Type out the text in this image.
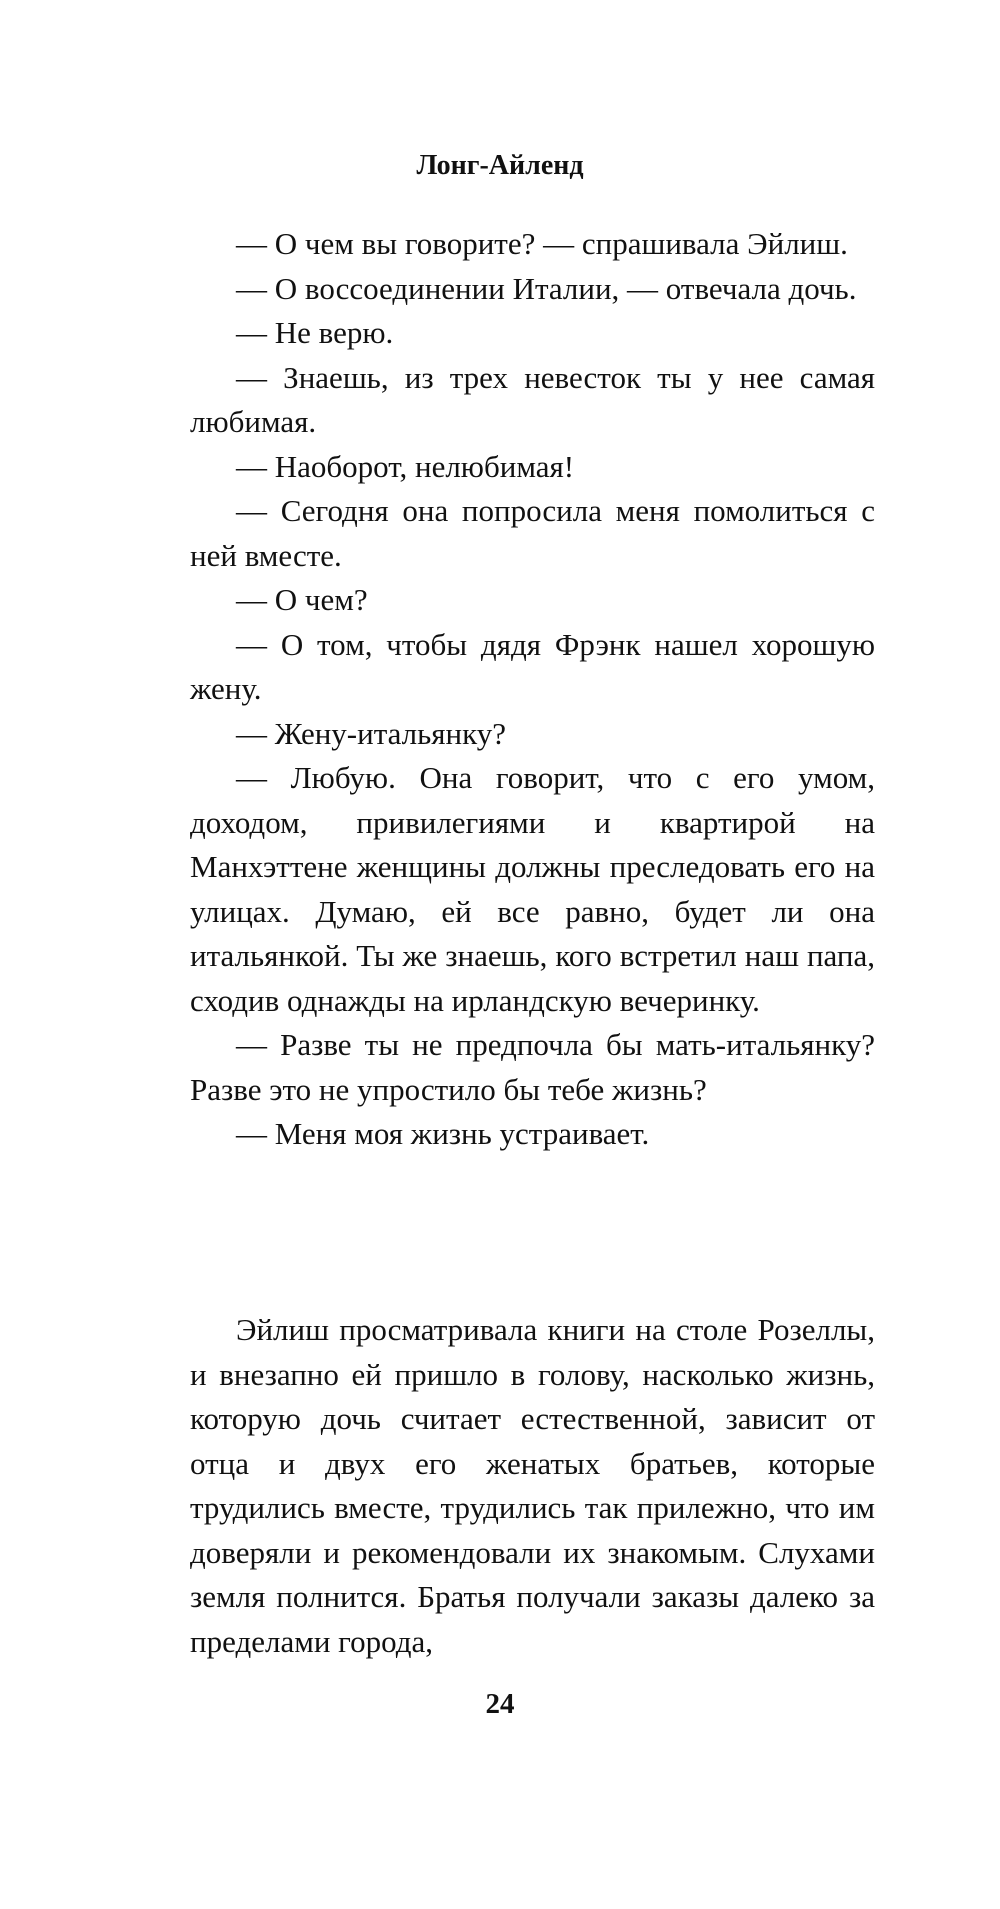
Лонг-Айленд

— О чем вы говорите? — спрашивала Эйлиш.

— О воссоединении Италии, — отвечала дочь.

— Не верю.

— Знаешь, из трех невесток ты у нее самая любимая.

— Наоборот, нелюбимая!

— Сегодня она попросила меня помолиться с ней вместе.

— О чем?

— О том, чтобы дядя Фрэнк нашел хорошую жену.

— Жену-итальянку?

— Любую. Она говорит, что с его умом, доходом, привилегиями и квартирой на Манхэттене женщины должны преследовать его на улицах. Думаю, ей все равно, будет ли она итальянкой. Ты же знаешь, кого встретил наш папа, сходив однажды на ирландскую вечеринку.

— Разве ты не предпочла бы мать-итальянку? Разве это не упростило бы тебе жизнь?

— Меня моя жизнь устраивает.

Эйлиш просматривала книги на столе Розеллы, и внезапно ей пришло в голову, насколько жизнь, которую дочь считает естественной, зависит от отца и двух его женатых братьев, которые трудились вместе, трудились так прилежно, что им доверяли и рекомендовали их знакомым. Слухами земля полнится. Братья получали заказы далеко за пределами города,

24
